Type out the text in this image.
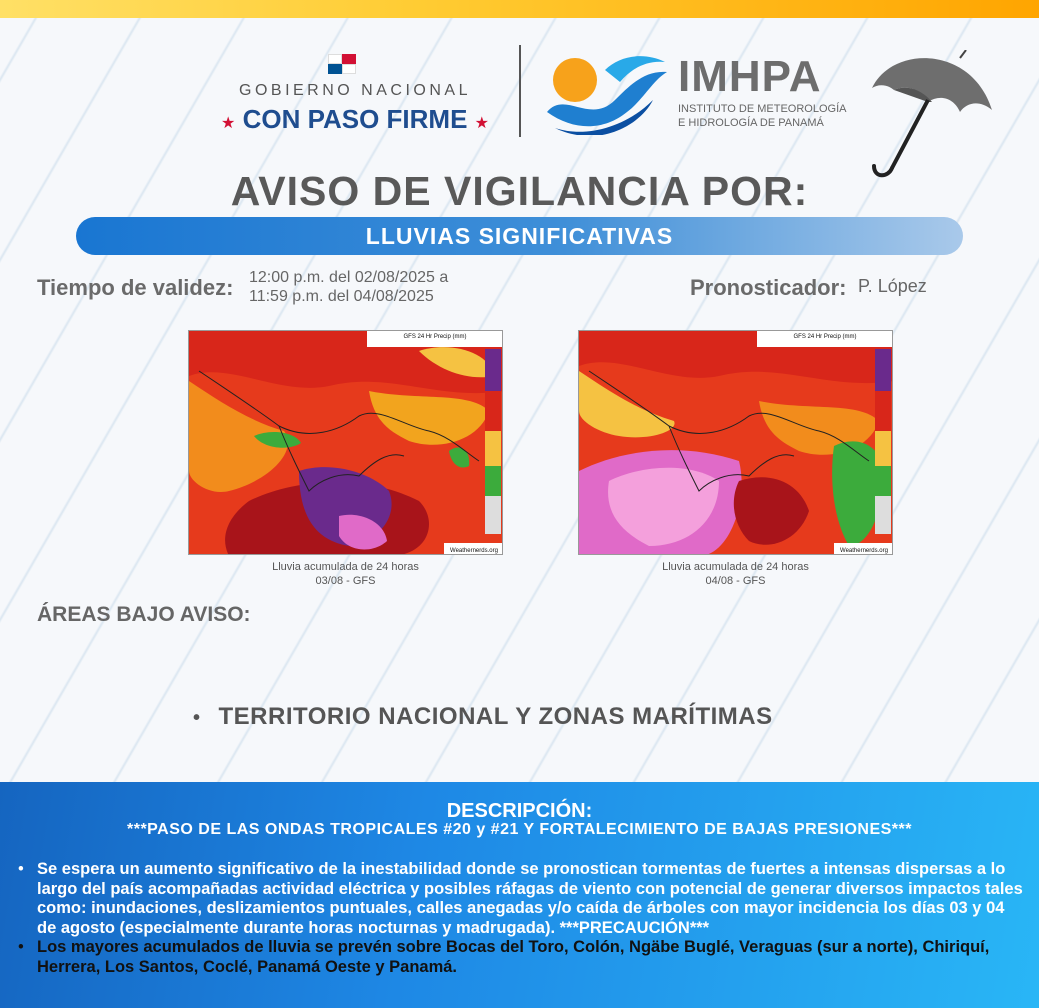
GOBIERNO NACIONAL
★ CON PASO FIRME ★
IMHPA
INSTITUTO DE METEOROLOGÍA
E HIDROLOGÍA DE PANAMÁ
AVISO DE VIGILANCIA POR:
LLUVIAS SIGNIFICATIVAS
Tiempo de validez: 12:00 p.m. del 02/08/2025 a
11:59 p.m. del 04/08/2025	Pronosticador: P. López
GFS 24 Hr Precip (mm)
Weathernerds.org
Lluvia acumulada de 24 horas
03/08 - GFS
GFS 24 Hr Precip (mm)
Weathernerds.org
Lluvia acumulada de 24 horas
04/08 - GFS
ÁREAS BAJO AVISO:
• TERRITORIO NACIONAL Y ZONAS MARÍTIMAS
DESCRIPCIÓN:
***PASO DE LAS ONDAS TROPICALES #20 y #21 Y FORTALECIMIENTO DE BAJAS PRESIONES***
• Se espera un aumento significativo de la inestabilidad donde se pronostican tormentas de fuertes a intensas dispersas a lo largo del país acompañadas actividad eléctrica y posibles ráfagas de viento con potencial de generar diversos impactos tales como: inundaciones, deslizamientos puntuales, calles anegadas y/o caída de árboles con mayor incidencia los días 03 y 04 de agosto (especialmente durante horas nocturnas y madrugada). ***PRECAUCIÓN***
• Los mayores acumulados de lluvia se prevén sobre Bocas del Toro, Colón, Ngäbe Buglé, Veraguas (sur a norte), Chiriquí, Herrera, Los Santos, Coclé, Panamá Oeste y Panamá.
